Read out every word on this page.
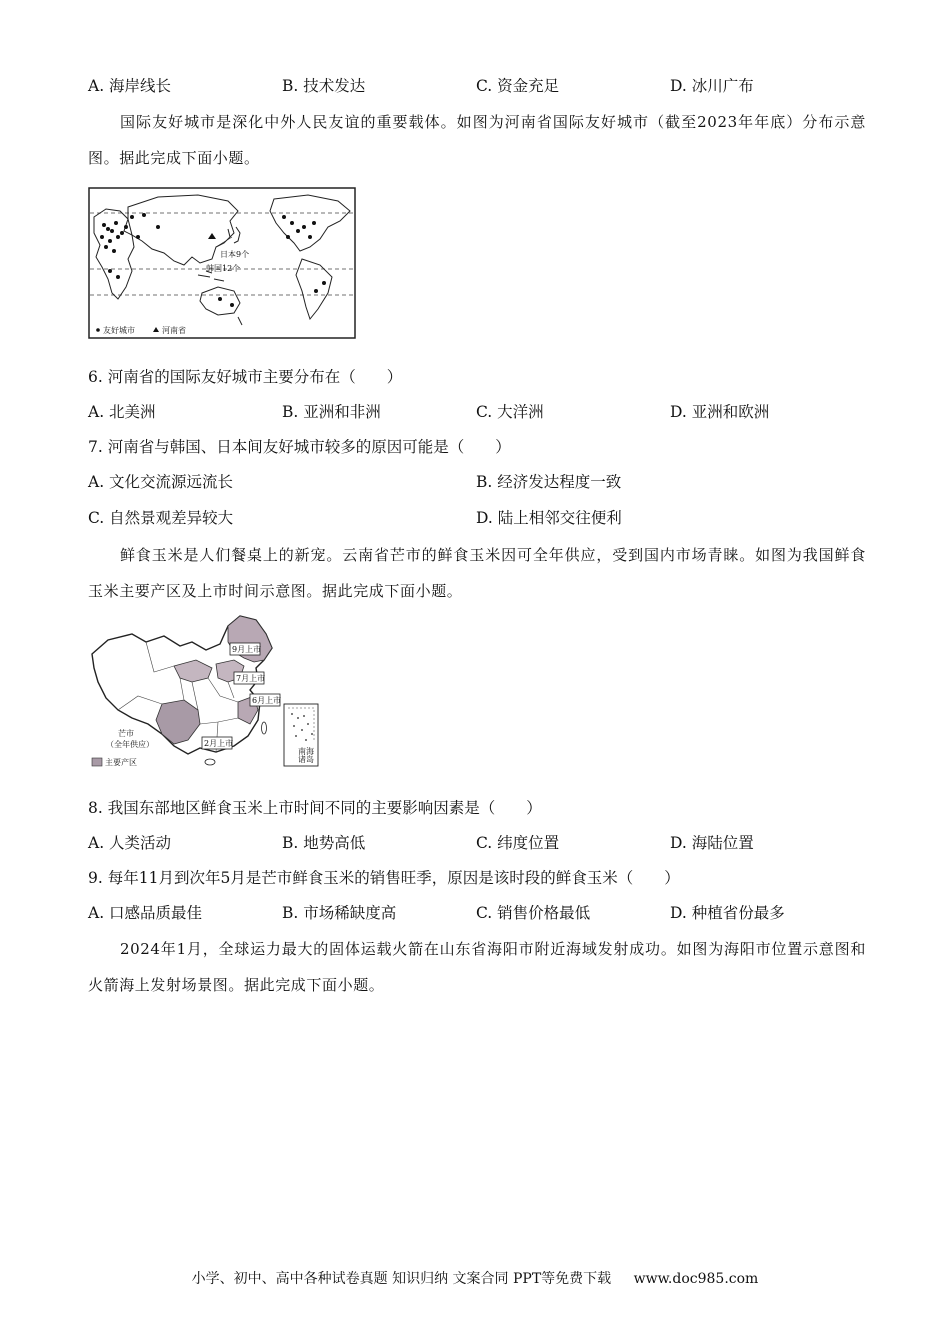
A. 海岸线长	B. 技术发达	C. 资金充足	D. 冰川广布

国际友好城市是深化中外人民友谊的重要载体。如图为河南省国际友好城市（截至2023年年底）分布示意图。据此完成下面小题。

日本9个
韩国12个
友好城市	河南省
6. 河南省的国际友好城市主要分布在（　　）
A. 北美洲	B. 亚洲和非洲	C. 大洋洲	D. 亚洲和欧洲
7. 河南省与韩国、日本间友好城市较多的原因可能是（　　）
A. 文化交流源远流长	B. 经济发达程度一致
C. 自然景观差异较大	D. 陆上相邻交往便利

鲜食玉米是人们餐桌上的新宠。云南省芒市的鲜食玉米因可全年供应，受到国内市场青睐。如图为我国鲜食玉米主要产区及上市时间示意图。据此完成下面小题。

9月上市
7月上市
6月上市
2月上市
芒市
（全年供应）
南海
诸岛
主要产区
8. 我国东部地区鲜食玉米上市时间不同的主要影响因素是（　　）
A. 人类活动	B. 地势高低	C. 纬度位置	D. 海陆位置
9. 每年11月到次年5月是芒市鲜食玉米的销售旺季，原因是该时段的鲜食玉米（　　）
A. 口感品质最佳	B. 市场稀缺度高	C. 销售价格最低	D. 种植省份最多

2024年1月，全球运力最大的固体运载火箭在山东省海阳市附近海域发射成功。如图为海阳市位置示意图和火箭海上发射场景图。据此完成下面小题。

小学、初中、高中各种试卷真题 知识归纳 文案合同 PPT等免费下载 www.doc985.com
